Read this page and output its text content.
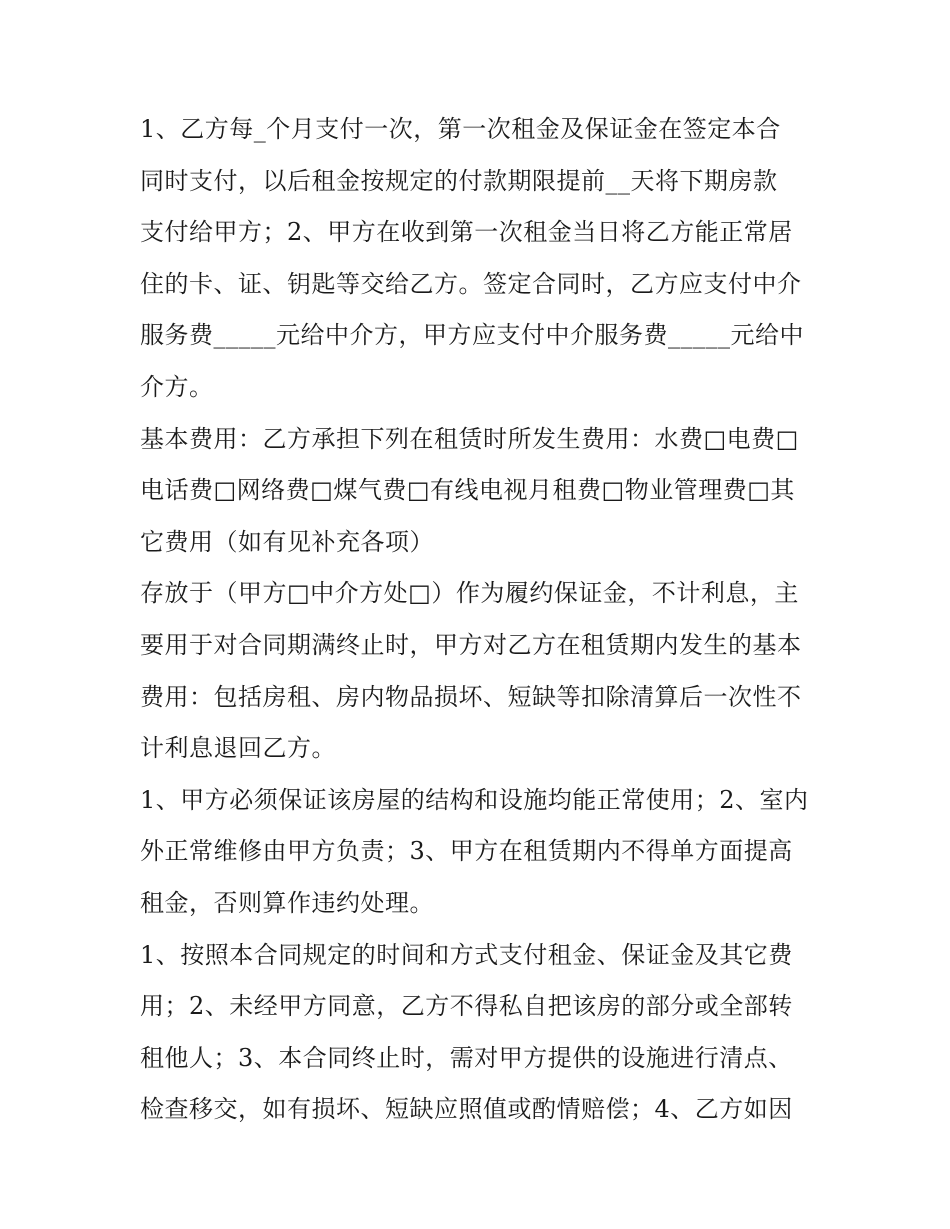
1、乙方每_个月支付一次，第一次租金及保证金在签定本合
同时支付，以后租金按规定的付款期限提前__天将下期房款
支付给甲方；2、甲方在收到第一次租金当日将乙方能正常居
住的卡、证、钥匙等交给乙方。签定合同时，乙方应支付中介
服务费_____元给中介方，甲方应支付中介服务费_____元给中
介方。
基本费用：乙方承担下列在租赁时所发生费用：水费□电费□
电话费□网络费□煤气费□有线电视月租费□物业管理费□其
它费用（如有见补充各项）
存放于（甲方□中介方处□）作为履约保证金，不计利息，主
要用于对合同期满终止时，甲方对乙方在租赁期内发生的基本
费用：包括房租、房内物品损坏、短缺等扣除清算后一次性不
计利息退回乙方。
1、甲方必须保证该房屋的结构和设施均能正常使用；2、室内
外正常维修由甲方负责；3、甲方在租赁期内不得单方面提高
租金，否则算作违约处理。
1、按照本合同规定的时间和方式支付租金、保证金及其它费
用；2、未经甲方同意，乙方不得私自把该房的部分或全部转
租他人；3、本合同终止时，需对甲方提供的设施进行清点、
检查移交，如有损坏、短缺应照值或酌情赔偿；4、乙方如因
